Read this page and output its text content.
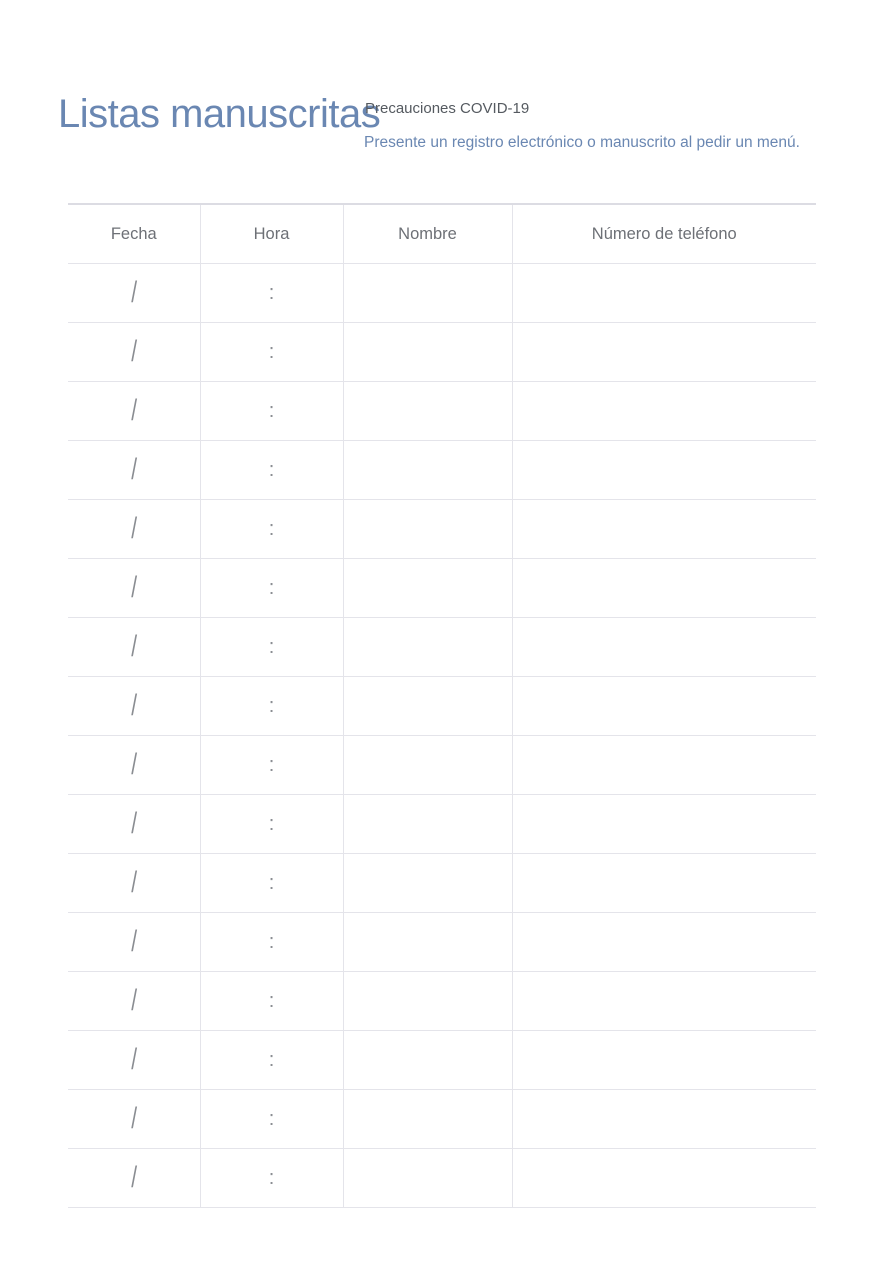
Listas manuscritas
Precauciones COVID-19
Presente un registro electrónico o manuscrito al pedir un menú.
Fecha	Hora	Nombre	Número de teléfono
/	:		
/	:		
/	:		
/	:		
/	:		
/	:		
/	:		
/	:		
/	:		
/	:		
/	:		
/	:		
/	:		
/	:		
/	:		
/	:		
